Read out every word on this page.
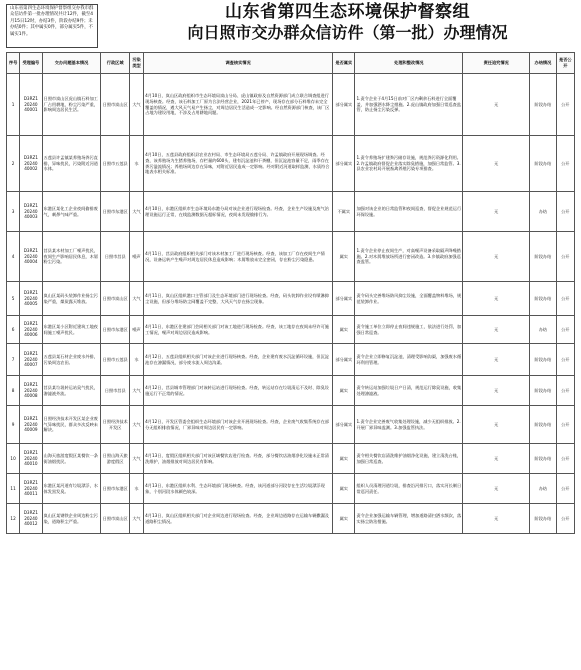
山东省第四生态环境保护督察组交办我市群众信访件第一批办理情况共计12件，截至4月15日12时，办结3件，阶段办结9件；未办结0件；其中属实0件，部分属实5件，不属实1件。
山东省第四生态环境保护督察组
向日照市交办群众信访件（第一批）办理情况
序号	受理编号	交办问题基本情况	行政区域	污染类型	调查核实情况	是否属实	处理和整改情况	责任追究情况	办结情况	是否公开
1	D3RZ1
20240
40001	日照市岚山区虎山镇石料加工厂占用耕地，粉尘污染严重，影响周边居民生活。	日照市岚山区	大气	4月10日，岚山区政府组织市生态环境局岚山分局、虎山镇政府及自然资源部门成立联合调查组进行现场核查。经查，该石料加工厂原为合法经营企业，2021年已停产，现场存在部分石料堆存未完全覆盖的情况，遇大风天气易产生扬尘，对周边居民生活造成一定影响。经自然资源部门核查，该厂区占地为建设用地，不涉及占用耕地问题。	部分属实	1.责令企业于4月15日前对厂区内剩余石料进行全面覆盖，并加强洒水降尘措施。2.虎山镇政府加强日常巡查监管，防止扬尘污染反弹。	无	阶段办结	公开
2	D3RZ1
20240
40002	五莲县许孟镇某养殖场粪污直排，异味扰民，污染附近河道水体。	日照市五莲县	水	4月10日，五莲县政府组织县农业农村局、市生态环境局五莲分局、许孟镇政府开展现场调查。经查，该养殖场为生猪养殖场，存栏量约600头，建有沉淀池和干粪棚，但沉淀池容量不足，雨季存在粪污溢流情况；养殖场周边存在异味，对附近居民造成一定影响。经对附近河道取样监测，水质符合地表水相关标准。	部分属实	1.责令养殖场扩建粪污储存设施，规范粪污资源化利用。2.许孟镇政府督促企业落实除臭措施，加强日常监管。3.县农业农村局开展畜禽养殖污染专项排查。	无	阶段办结	公开
3	D3RZ1
20240
40003	东港区某化工企业夜间偷排废气，刺鼻气味严重。	日照市东港区	大气	4月10日，东港区组织市生态环境局东港分局对该企业进行现场检查。经查，企业生产设施及废气治理设施运行正常，在线监测数据无超标情况，夜间未发现偷排行为。	不属实	加强对该企业的日常监管和夜间巡查，督促企业规范运行环保设施。	无	办结	公开
4	D3RZ1
20240
40004	莒县某木材加工厂噪声扰民，夜间生产影响居民休息，木屑粉尘污染。	日照市莒县	噪声	4月11日，莒县政府组织相关部门对该木材加工厂进行现场核查。经查，该加工厂存在夜间生产情况，设备运转产生噪声对周边居民休息造成影响；木屑堆放未完全密闭，存在粉尘污染隐患。	属实	1.责令企业停止夜间生产，对高噪声设备采取隔声降噪措施。2.对木屑堆放场所进行密闭改造。3.乡镇政府加强巡查监管。	无	阶段办结	公开
5	D3RZ1
20240
40005	岚山区某码头装卸作业扬尘污染严重，煤炭露天堆放。	日照市岚山区	大气	4月11日，岚山区组织港口主管部门及生态环境部门进行现场检查。经查，码头装卸作业设有喷淋抑尘设施，但部分堆场防尘网覆盖不完整，大风天气存在扬尘现象。	部分属实	责令码头完善堆场防风抑尘设施，全面覆盖物料堆场，规范装卸作业。	无	阶段办结	公开
6	D3RZ1
20240
40006	东港区某小区附近建筑工地夜间施工噪声扰民。	日照市东港区	噪声	4月11日，东港区住建部门会同相关部门对该工地进行现场检查。经查，该工地存在夜间未经许可施工情况，噪声对周边居民造成影响。	属实	责令施工单位立即停止夜间违规施工，依法进行处罚，加强日常巡查。	无	办结	公开
7	D3RZ1
20240
40007	五莲县某石材企业废水外排，污染周边农田。	日照市五莲县	水	4月12日，五莲县组织相关部门对该企业进行现场核查。经查，企业建有废水沉淀循环设施，但沉淀池存在渗漏情况，部分废水流入周边沟渠。	部分属实	责令企业立即修复沉淀池，清理受影响沟渠，加强废水循环利用管理。	无	阶段办结	公开
8	D3RZ1
20240
40008	莒县某垃圾转运站臭气扰民，渗滤液外流。	日照市莒县	大气	4月12日，莒县城市管理部门对该转运站进行现场检查。经查，转运站存在垃圾清运不及时、除臭设施运行不正常的情况。	属实	责令转运站加强垃圾日产日清，规范运行除臭设施，收集处理渗滤液。	无	阶段办结	公开
9	D3RZ1
20240
40009	日照经济技术开发区某企业废气异味扰民，群众多次反映未解决。	日照经济技术开发区	大气	4月12日，开发区管委会组织生态环境部门对该企业开展现场检查。经查，企业废气收集系统存在部分无组织排放情况，厂界异味对周边居民有一定影响。	部分属实	1.责令企业完善废气收集处理设施，减少无组织排放。2.开展厂界异味监测。3.加强监管执法。	无	阶段办结	公开
10	D3RZ1
20240
40010	山海天旅游度假区某餐饮一条街油烟扰民。	日照山海天旅游度假区	大气	4月13日，度假区组织相关部门对该区域餐饮店进行检查。经查，部分餐饮店油烟净化设施未正常清洗维护，油烟排放对周边居民有影响。	属实	责令相关餐饮店清洗维护油烟净化设施，建立清洗台账，加强日常巡查。	无	阶段办结	公开
11	D3RZ1
20240
40011	东港区某河道有垃圾漂浮，水体发黑发臭。	日照市东港区	水	4月13日，东港区组织水利、生态环境部门现场核查。经查，该河道部分河段存在生活垃圾漂浮现象，个别河段水体颜色较深。	属实	组织人员清理河道垃圾，排查沿河排污口，落实河长制日常巡河责任。	无	办结	公开
12	D3RZ1
20240
40012	岚山区某钢铁企业周边粉尘污染，道路积尘严重。	日照市岚山区	大气	4月13日，岚山区组织相关部门对企业周边进行现场检查。经查，企业周边道路存在运输车辆撒漏及道路积尘情况。	属实	责令企业加强运输车辆管理，增加道路清扫洒水频次，落实扬尘防治措施。	无	阶段办结	公开
